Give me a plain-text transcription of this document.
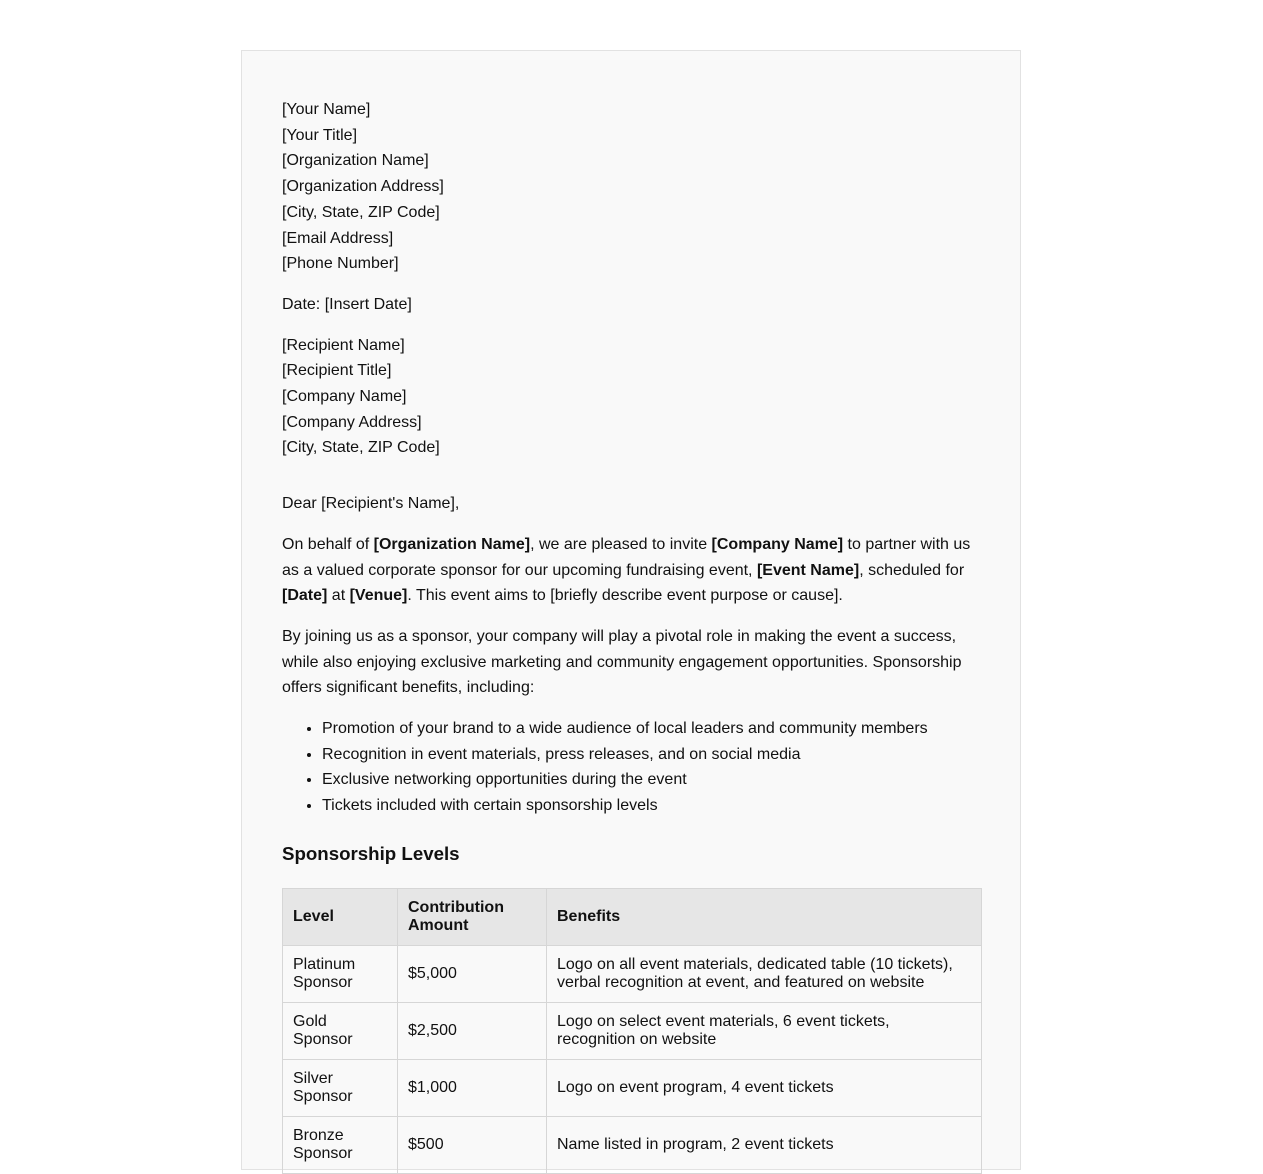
[Your Name]
[Your Title]
[Organization Name]
[Organization Address]
[City, State, ZIP Code]
[Email Address]
[Phone Number]
Date: [Insert Date]
[Recipient Name]
[Recipient Title]
[Company Name]
[Company Address]
[City, State, ZIP Code]
Dear [Recipient's Name],

On behalf of [Organization Name], we are pleased to invite [Company Name] to partner with us as a valued corporate sponsor for our upcoming fundraising event, [Event Name], scheduled for [Date] at [Venue]. This event aims to [briefly describe event purpose or cause].

By joining us as a sponsor, your company will play a pivotal role in making the event a success, while also enjoying exclusive marketing and community engagement opportunities. Sponsorship offers significant benefits, including:

• Promotion of your brand to a wide audience of local leaders and community members
• Recognition in event materials, press releases, and on social media
• Exclusive networking opportunities during the event
• Tickets included with certain sponsorship levels
Sponsorship Levels
Level	Contribution Amount	Benefits
Platinum Sponsor	$5,000	Logo on all event materials, dedicated table (10 tickets), verbal recognition at event, and featured on website
Gold Sponsor	$2,500	Logo on select event materials, 6 event tickets, recognition on website
Silver Sponsor	$1,000	Logo on event program, 4 event tickets
Bronze Sponsor	$500	Name listed in program, 2 event tickets
